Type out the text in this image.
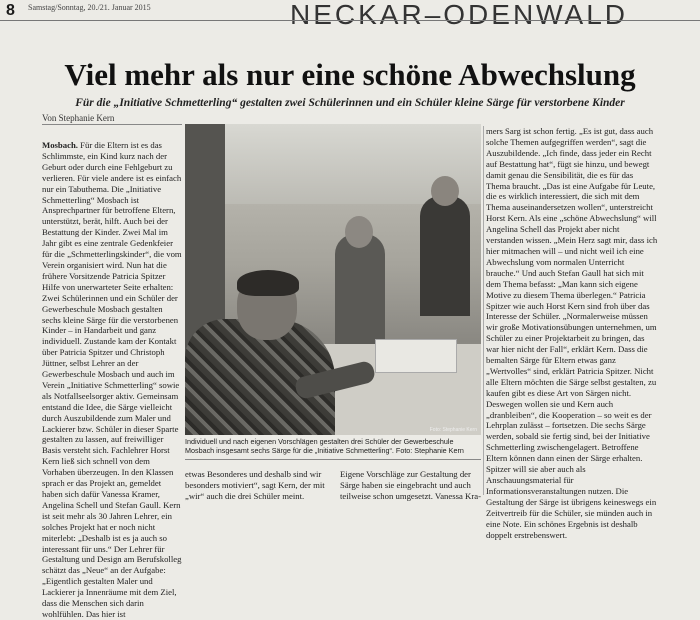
8 Samstag/Sonntag, 20./21. Januar 2015	NECKAR–ODENWALD
Viel mehr als nur eine schöne Abwechslung
Für die „Initiative Schmetterling“ gestalten zwei Schülerinnen und ein Schüler kleine Särge für verstorbene Kinder
Von Stephanie Kern

Mosbach. Für die Eltern ist es das Schlimmste, ein Kind kurz nach der Geburt oder durch eine Fehlgeburt zu verlieren. Für viele andere ist es einfach nur ein Tabuthema. Die „Initiative Schmetterling“ Mosbach ist Ansprechpartner für betroffene Eltern, unterstützt, berät, hilft. Auch bei der Bestattung der Kinder. Zwei Mal im Jahr gibt es eine zentrale Gedenkfeier für die „Schmetterlingskinder“, die vom Verein organisiert wird. Nun hat die frühere Vorsitzende Patricia Spitzer Hilfe von unerwarteter Seite erhalten: Zwei Schülerinnen und ein Schüler der Gewerbeschule Mosbach gestalten sechs kleine Särge für die verstorbenen Kinder – in Handarbeit und ganz individuell. Zustande kam der Kontakt über Patricia Spitzer und Christoph Jüttner, selbst Lehrer an der Gewerbeschule Mosbach und auch im Verein „Initiative Schmetterling“ sowie als Notfallseelsorger aktiv. Gemeinsam entstand die Idee, die Särge vielleicht durch Auszubildende zum Maler und Lackierer bzw. Schüler in dieser Sparte gestalten zu lassen, auf freiwilliger Basis versteht sich. Fachlehrer Horst Kern ließ sich schnell von dem Vorhaben überzeugen. In den Klassen sprach er das Projekt an, gemeldet haben sich dafür Vanessa Kramer, Angelina Schell und Stefan Gaull. Kern ist seit mehr als 30 Jahren Lehrer, ein solches Projekt hat er noch nicht miterlebt: „Deshalb ist es ja auch so interessant für uns.“ Der Lehrer für Gestaltung und Design am Berufskolleg schätzt das „Neue“ an der Aufgabe: „Eigentlich gestalten Maler und Lackierer ja Innenräume mit dem Ziel, dass die Menschen sich darin wohlfühlen. Das hier ist

Foto: Stephanie Kern
Individuell und nach eigenen Vorschlägen gestalten drei Schüler der Gewerbeschule Mosbach insgesamt sechs Särge für die „Initiative Schmetterling“. Foto: Stephanie Kern
etwas Besonderes und deshalb sind wir besonders motiviert“, sagt Kern, der mit „wir“ auch die drei Schüler meint.
Eigene Vorschläge zur Gestaltung der Särge haben sie eingebracht und auch teilweise schon umgesetzt. Vanessa Kra-
mers Sarg ist schon fertig. „Es ist gut, dass auch solche Themen aufgegriffen werden“, sagt die Auszubildende. „Ich finde, dass jeder ein Recht auf Bestattung hat“, fügt sie hinzu, und bewegt damit genau die Sensibilität, die es für das Thema braucht. „Das ist eine Aufgabe für Leute, die es wirklich interessiert, die sich mit dem Thema auseinandersetzen wollen“, unterstreicht Horst Kern. Als eine „schöne Abwechslung“ will Angelina Schell das Projekt aber nicht verstanden wissen. „Mein Herz sagt mir, dass ich hier mitmachen will – und nicht weil ich eine Abwechslung vom normalen Unterricht brauche.“ Und auch Stefan Gaull hat sich mit dem Thema befasst: „Man kann sich eigene Motive zu diesem Thema überlegen.“ Patricia Spitzer wie auch Horst Kern sind froh über das Interesse der Schüler. „Normalerweise müssen wir große Motivationsübungen unternehmen, um Schüler zu einer Projektarbeit zu bringen, das war hier nicht der Fall“, erklärt Kern. Dass die bemalten Särge für Eltern etwas ganz „Wertvolles“ sind, erklärt Patricia Spitzer. Nicht alle Eltern möchten die Särge selbst gestalten, zu kaufen gibt es diese Art von Särgen nicht. Deswegen wollen sie und Kern auch „dranbleiben“, die Kooperation – so weit es der Lehrplan zulässt – fortsetzen. Die sechs Särge werden, sobald sie fertig sind, bei der Initiative Schmetterling zwischengelagert. Betroffene Eltern können dann einen der Särge erhalten. Spitzer will sie aber auch als Anschauungsmaterial für Informationsveranstaltungen nutzen. Die Gestaltung der Särge ist übrigens keineswegs ein Zeitvertreib für die Schüler, sie münden auch in eine Note. Ein schönes Ergebnis ist deshalb doppelt erstrebenswert.
